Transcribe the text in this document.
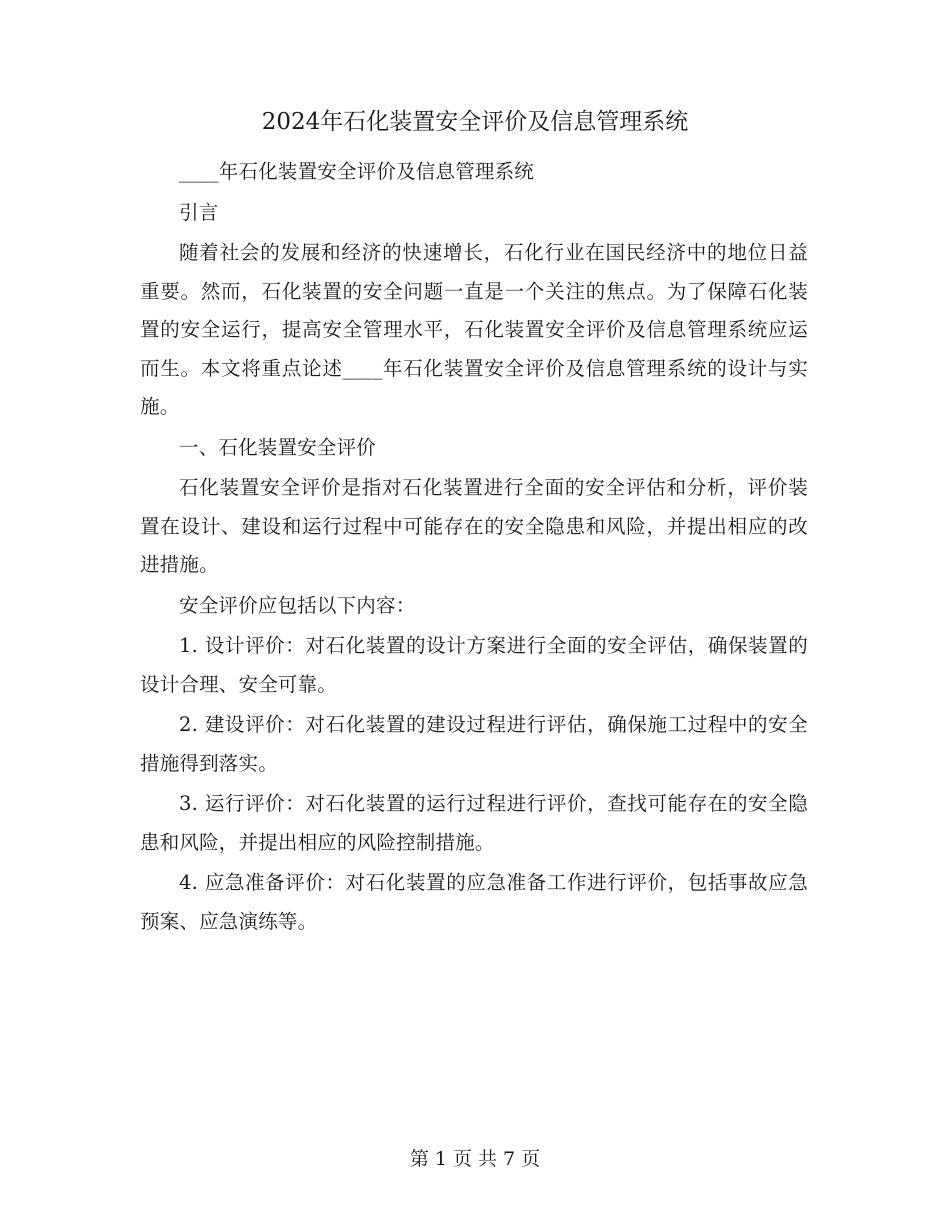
2024年石化装置安全评价及信息管理系统

____年石化装置安全评价及信息管理系统

引言

随着社会的发展和经济的快速增长，石化行业在国民经济中的地位日益重要。然而，石化装置的安全问题一直是一个关注的焦点。为了保障石化装置的安全运行，提高安全管理水平，石化装置安全评价及信息管理系统应运而生。本文将重点论述____年石化装置安全评价及信息管理系统的设计与实施。

一、石化装置安全评价

石化装置安全评价是指对石化装置进行全面的安全评估和分析，评价装置在设计、建设和运行过程中可能存在的安全隐患和风险，并提出相应的改进措施。

安全评价应包括以下内容：

1. 设计评价：对石化装置的设计方案进行全面的安全评估，确保装置的设计合理、安全可靠。

2. 建设评价：对石化装置的建设过程进行评估，确保施工过程中的安全措施得到落实。

3. 运行评价：对石化装置的运行过程进行评价，查找可能存在的安全隐患和风险，并提出相应的风险控制措施。

4. 应急准备评价：对石化装置的应急准备工作进行评价，包括事故应急预案、应急演练等。

第 1 页 共 7 页
